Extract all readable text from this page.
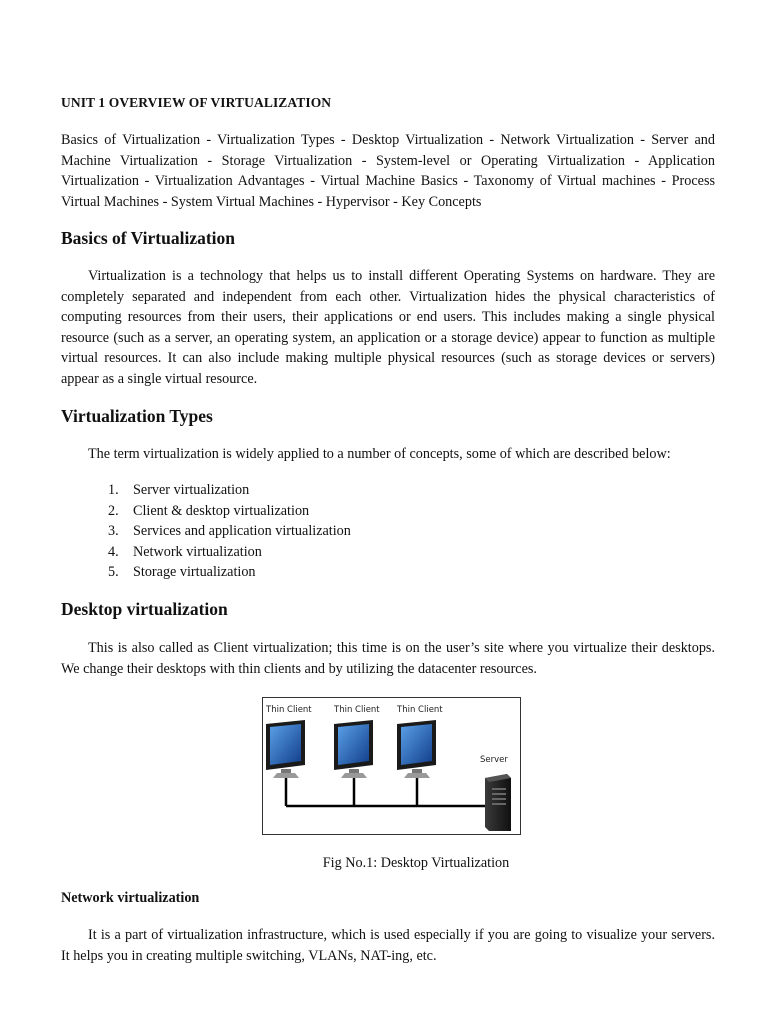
UNIT 1 OVERVIEW OF VIRTUALIZATION

Basics of Virtualization - Virtualization Types - Desktop Virtualization - Network Virtualization - Server and Machine Virtualization - Storage Virtualization - System-level or Operating Virtualization - Application Virtualization - Virtualization Advantages - Virtual Machine Basics - Taxonomy of Virtual machines - Process Virtual Machines - System Virtual Machines - Hypervisor - Key Concepts

Basics of Virtualization

Virtualization is a technology that helps us to install different Operating Systems on hardware. They are completely separated and independent from each other. Virtualization hides the physical characteristics of computing resources from their users, their applications or end users. This includes making a single physical resource (such as a server, an operating system, an application or a storage device) appear to function as multiple virtual resources. It can also include making multiple physical resources (such as storage devices or servers) appear as a single virtual resource.

Virtualization Types

The term virtualization is widely applied to a number of concepts, some of which are described below:

1. Server virtualization
2. Client & desktop virtualization
3. Services and application virtualization
4. Network virtualization
5. Storage virtualization
Desktop virtualization

This is also called as Client virtualization; this time is on the user’s site where you virtualize their desktops. We change their desktops with thin clients and by utilizing the datacenter resources.

Thin Client	Thin Client Thin Client
Server
Fig No.1: Desktop Virtualization
Network virtualization

It is a part of virtualization infrastructure, which is used especially if you are going to visualize your servers. It helps you in creating multiple switching, VLANs, NAT-ing, etc.
